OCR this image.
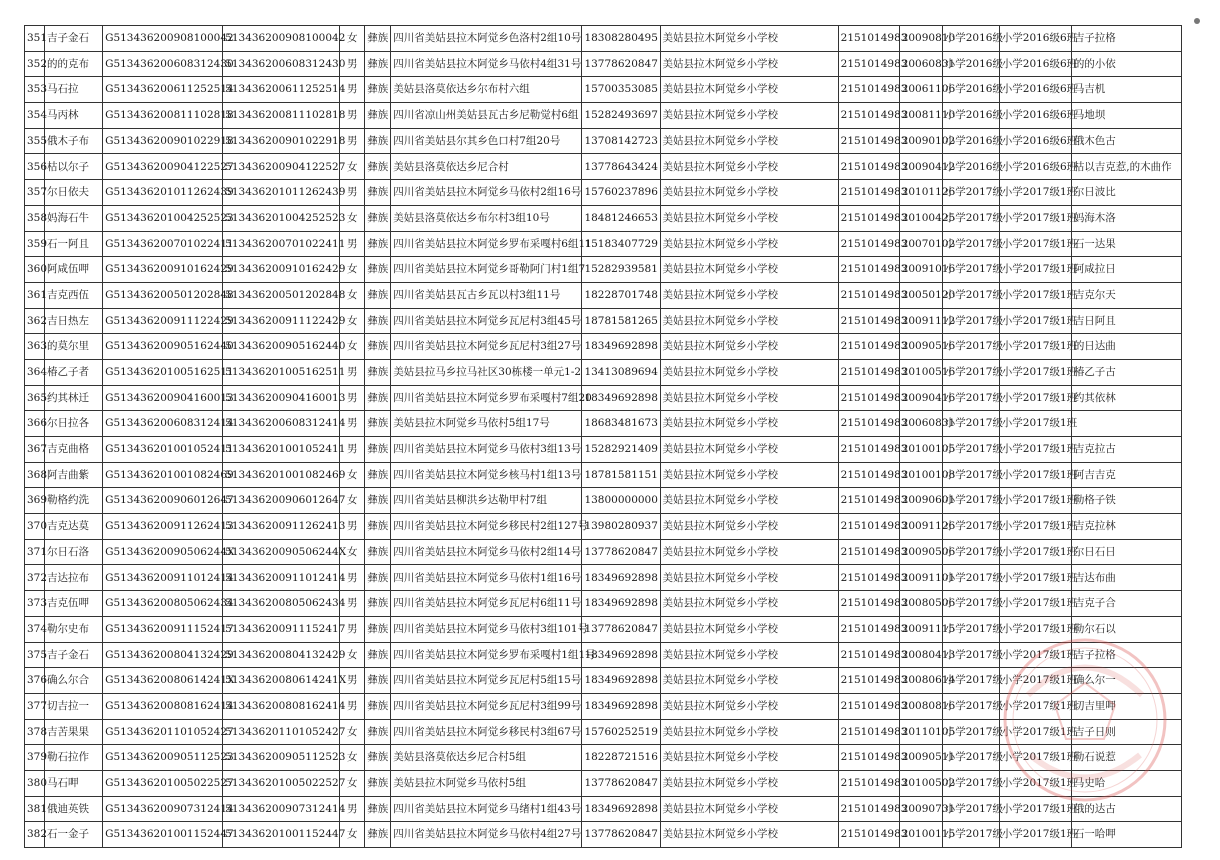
351	吉子金石	G513436200908100042	513436200908100042	女	彝族	四川省美姑县拉木阿觉乡色洛村2组10号	18308280495	美姑县拉木阿觉乡小学校	2151014983	20090810	小学2016级	小学2016级6班	吉子拉格
352	的的克布	G513436200608312430	513436200608312430	男	彝族	四川省美姑县拉木阿觉乡马依村4组31号	13778620847	美姑县拉木阿觉乡小学校	2151014983	20060831	小学2016级	小学2016级6班	的的小依
353	马石拉	G513436200611252514	513436200611252514	男	彝族	美姑县洛莫依达乡尔布村六组	15700353085	美姑县拉木阿觉乡小学校	2151014983	20061106	小学2016级	小学2016级6班	马吉机
354	马丙林	G513436200811102818	513436200811102818	男	彝族	四川省凉山州美姑县瓦古乡尼勒觉村6组	15282493697	美姑县拉木阿觉乡小学校	2151014983	20081110	小学2016级	小学2016级6班	马地坝
355	俄木子布	G513436200901022918	513436200901022918	男	彝族	四川省美姑县尔其乡色口村7组20号	13708142723	美姑县拉木阿觉乡小学校	2151014983	20090102	小学2016级	小学2016级6班	俄木色古
356	枯以尔子	G513436200904122527	513436200904122527	女	彝族	美姑县洛莫依达乡尼合村	13778643424	美姑县拉木阿觉乡小学校	2151014983	20090412	小学2016级	小学2016级6班	枯以吉克惹,的木曲作
357	尔日依夫	G513436201011262439	513436201011262439	男	彝族	四川省美姑县拉木阿觉乡马依村2组16号	15760237896	美姑县拉木阿觉乡小学校	2151014983	20101126	小学2017级	小学2017级1班	尔日波比
358	妈海石牛	G513436201004252523	513436201004252523	女	彝族	美姑县洛莫依达乡布尔村3组10号	18481246653	美姑县拉木阿觉乡小学校	2151014983	20100425	小学2017级	小学2017级1班	妈海木洛
359	石一阿且	G513436200701022411	513436200701022411	男	彝族	四川省美姑县拉木阿觉乡罗布采嘎村6组11	15183407729	美姑县拉木阿觉乡小学校	2151014983	20070102	小学2017级	小学2017级1班	石一达果
360	阿咸伍呷	G513436200910162429	513436200910162429	女	彝族	四川省美姑县拉木阿觉乡哥勒阿门村1组7	15282939581	美姑县拉木阿觉乡小学校	2151014983	20091016	小学2017级	小学2017级1班	阿咸拉日
361	吉克西伍	G513436200501202848	513436200501202848	女	彝族	四川省美姑县瓦古乡瓦以村3组11号	18228701748	美姑县拉木阿觉乡小学校	2151014983	20050120	小学2017级	小学2017级1班	吉克尔天
362	吉日热左	G513436200911122429	513436200911122429	女	彝族	四川省美姑县拉木阿觉乡瓦尼村3组45号	18781581265	美姑县拉木阿觉乡小学校	2151014983	20091112	小学2017级	小学2017级1班	吉日阿且
363	的莫尔里	G513436200905162440	513436200905162440	女	彝族	四川省美姑县拉木阿觉乡瓦尼村3组27号	18349692898	美姑县拉木阿觉乡小学校	2151014983	20090516	小学2017级	小学2017级1班	的日达曲
364	椿乙子者	G513436201005162511	513436201005162511	男	彝族	美姑县拉马乡拉马社区30栋楼一单元1-2	13413089694	美姑县拉木阿觉乡小学校	2151014983	20100516	小学2017级	小学2017级1班	椿乙子古
365	约其林迁	G513436200904160013	513436200904160013	男	彝族	四川省美姑县拉木阿觉乡罗布采嘎村7组20	18349692898	美姑县拉木阿觉乡小学校	2151014983	20090416	小学2017级	小学2017级1班	约其依林
366	尔日拉各	G513436200608312414	513436200608312414	男	彝族	美姑县拉木阿觉乡马依村5组17号	18683481673	美姑县拉木阿觉乡小学校	2151014983	20060831	小学2017级	小学2017级1班	
367	吉克曲格	G513436201001052411	513436201001052411	男	彝族	四川省美姑县拉木阿觉乡马依村3组13号	15282921409	美姑县拉木阿觉乡小学校	2151014983	20100105	小学2017级	小学2017级1班	吉克拉古
368	阿吉曲紫	G513436201001082469	513436201001082469	女	彝族	四川省美姑县拉木阿觉乡核马村1组13号	18781581151	美姑县拉木阿觉乡小学校	2151014983	20100108	小学2017级	小学2017级1班	阿吉吉克
369	勒格约洗	G513436200906012647	513436200906012647	女	彝族	四川省美姑县柳洪乡达勒甲村7组	13800000000	美姑县拉木阿觉乡小学校	2151014983	20090601	小学2017级	小学2017级1班	勒格子铁
370	吉克达莫	G513436200911262413	513436200911262413	男	彝族	四川省美姑县拉木阿觉乡移民村2组127号	13980280937	美姑县拉木阿觉乡小学校	2151014983	20091126	小学2017级	小学2017级1班	吉克拉林
371	尔日石洛	G51343620090506244X	51343620090506244X	女	彝族	四川省美姑县拉木阿觉乡马依村2组14号	13778620847	美姑县拉木阿觉乡小学校	2151014983	20090506	小学2017级	小学2017级1班	尔日石日
372	吉达拉布	G513436200911012414	513436200911012414	男	彝族	四川省美姑县拉木阿觉乡马依村1组16号	18349692898	美姑县拉木阿觉乡小学校	2151014983	20091101	小学2017级	小学2017级1班	吉达布曲
373	吉克伍呷	G513436200805062434	513436200805062434	男	彝族	四川省美姑县拉木阿觉乡瓦尼村6组11号	18349692898	美姑县拉木阿觉乡小学校	2151014983	20080506	小学2017级	小学2017级1班	吉克子合
374	勒尔史布	G513436200911152417	513436200911152417	男	彝族	四川省美姑县拉木阿觉乡马依村3组101号	13778620847	美姑县拉木阿觉乡小学校	2151014983	20091115	小学2017级	小学2017级1班	勒尔石以
375	吉子金石	G513436200804132429	513436200804132429	女	彝族	四川省美姑县拉木阿觉乡罗布采嘎村1组1号	18349692898	美姑县拉木阿觉乡小学校	2151014983	20080413	小学2017级	小学2017级1班	吉子拉格
376	确么尔合	G51343620080614241X	51343620080614241X	男	彝族	四川省美姑县拉木阿觉乡瓦尼村5组15号	18349692898	美姑县拉木阿觉乡小学校	2151014983	20080614	小学2017级	小学2017级1班	确么尔一
377	切吉拉一	G513436200808162414	513436200808162414	男	彝族	四川省美姑县拉木阿觉乡瓦尼村3组99号	18349692898	美姑县拉木阿觉乡小学校	2151014983	20080816	小学2017级	小学2017级1班	切吉里呷
378	吉苦果果	G513436201101052427	513436201101052427	女	彝族	四川省美姑县拉木阿觉乡移民村3组67号	15760252519	美姑县拉木阿觉乡小学校	2151014983	20110105	小学2017级	小学2017级1班	吉子日则
379	勒石拉作	G513436200905112523	513436200905112523	女	彝族	美姑县洛莫依达乡尼合村5组	18228721516	美姑县拉木阿觉乡小学校	2151014983	20090511	小学2017级	小学2017级1班	勒石说惹
380	马石呷	G513436201005022527	513436201005022527	女	彝族	美姑县拉木阿觉乡马依村5组	13778620847	美姑县拉木阿觉乡小学校	2151014983	20100502	小学2017级	小学2017级1班	马史哈
381	俄迪英铁	G513436200907312414	513436200907312414	男	彝族	四川省美姑县拉木阿觉乡马绪村1组43号	18349692898	美姑县拉木阿觉乡小学校	2151014983	20090731	小学2017级	小学2017级1班	俄的达古
382	石一金子	G513436201001152447	513436201001152447	女	彝族	四川省美姑县拉木阿觉乡马依村4组27号	13778620847	美姑县拉木阿觉乡小学校	2151014983	20100115	小学2017级	小学2017级1班	石一哈呷
